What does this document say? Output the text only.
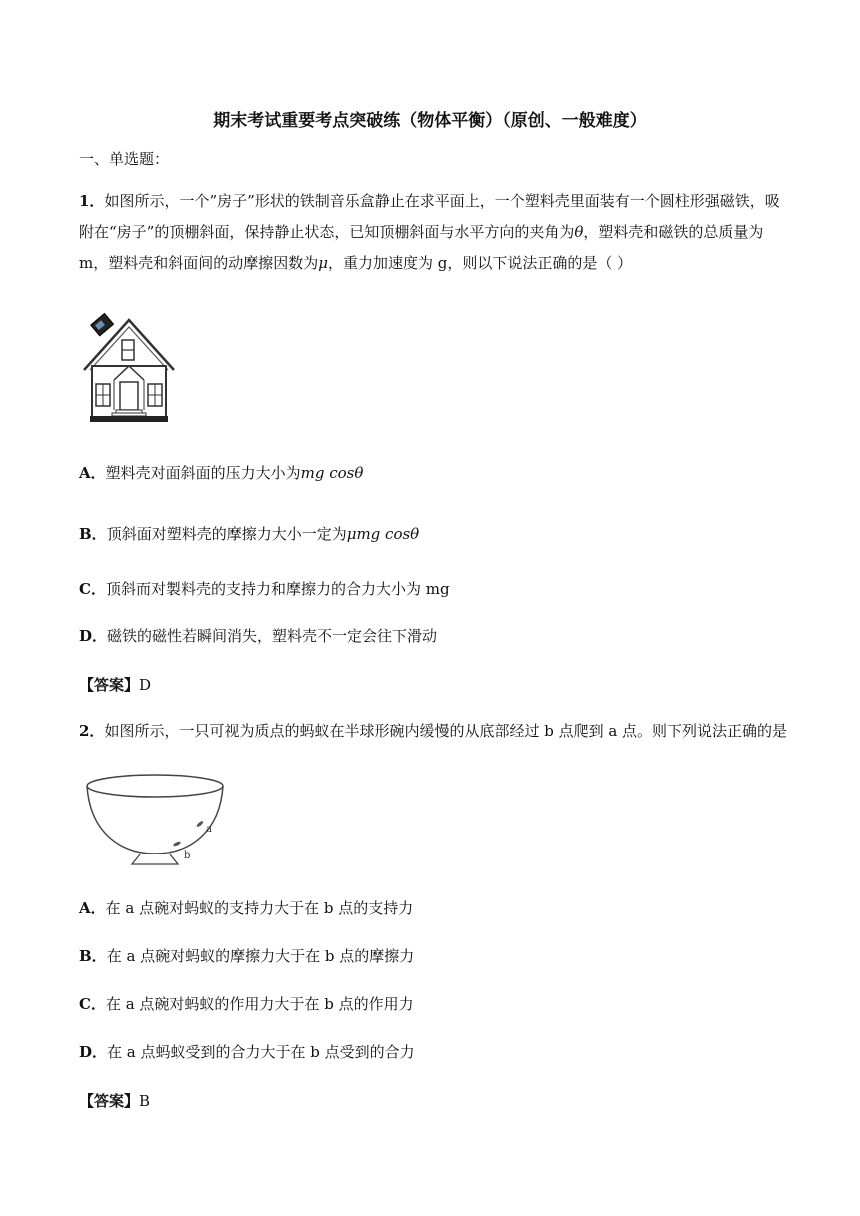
期末考试重要考点突破练（物体平衡）（原创、一般难度）
一、单选题：
1．如图所示，一个”房子”形状的铁制音乐盒静止在求平面上，一个塑料壳里面装有一个圆柱形强磁铁，吸
附在“房子”的顶棚斜面，保持静止状态，已知顶棚斜面与水平方向的夹角为θ，塑料壳和磁铁的总质量为
m，塑料壳和斜面间的动摩擦因数为μ，重力加速度为 g，则以下说法正确的是（ ）
A．塑料壳对面斜面的压力大小为mg cosθ
B．顶斜面对塑料壳的摩擦力大小一定为μmg cosθ
C．顶斜而对製料壳的支持力和摩擦力的合力大小为 mg
D．磁铁的磁性若瞬间消失，塑料壳不一定会往下滑动
【答案】D
2．如图所示，一只可视为质点的蚂蚁在半球形碗内缓慢的从底部经过 b 点爬到 a 点。则下列说法正确的是
a
b
A．在 a 点碗对蚂蚁的支持力大于在 b 点的支持力
B．在 a 点碗对蚂蚁的摩擦力大于在 b 点的摩擦力
C．在 a 点碗对蚂蚁的作用力大于在 b 点的作用力
D．在 a 点蚂蚁受到的合力大于在 b 点受到的合力
【答案】B
